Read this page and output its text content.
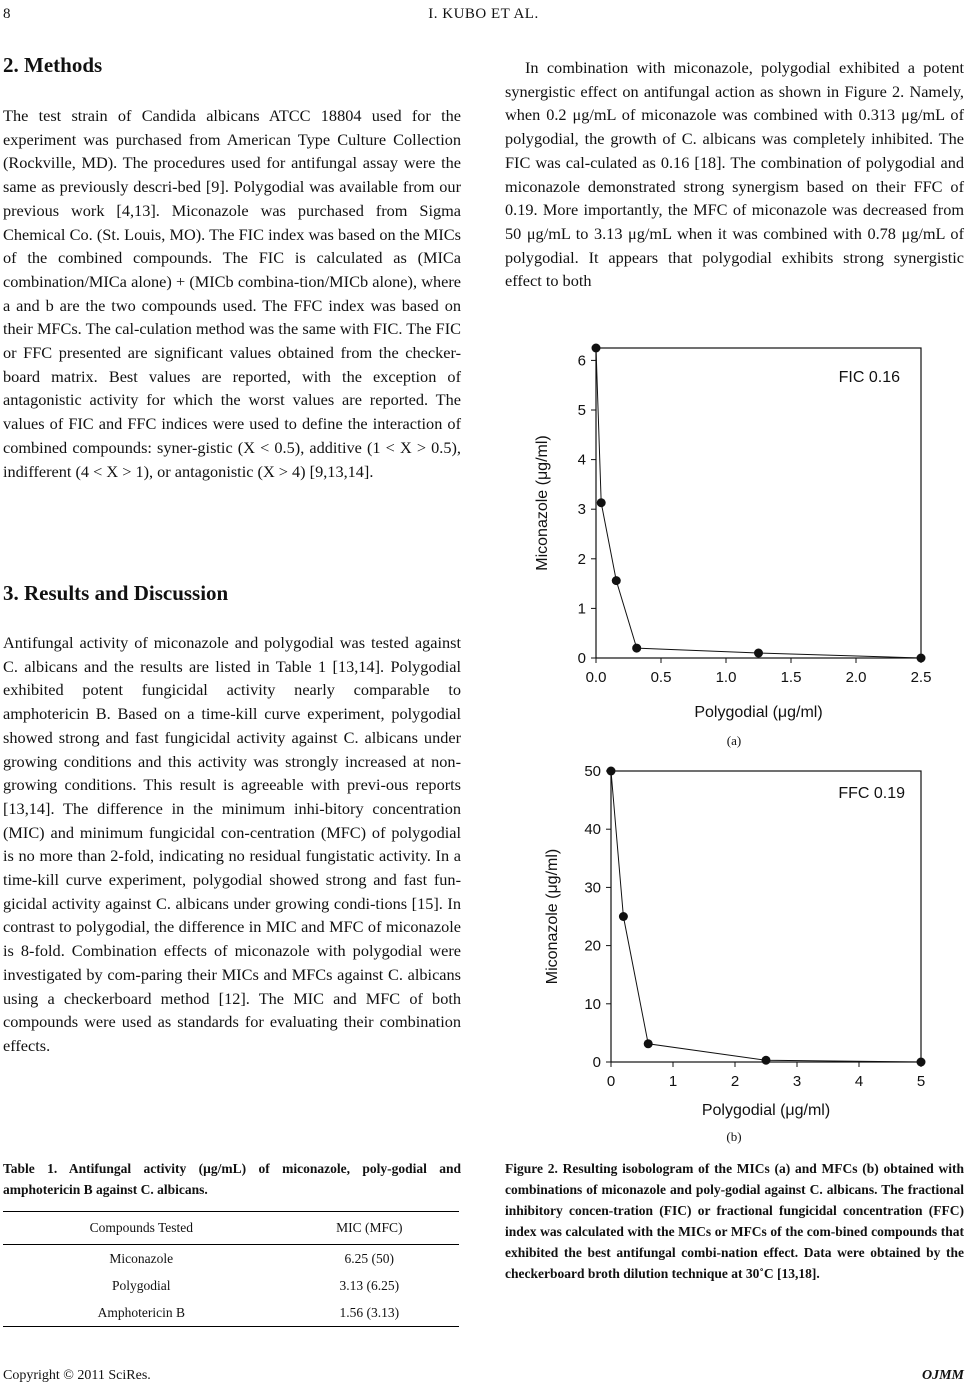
8	I. KUBO ET AL.
2. Methods

The test strain of Candida albicans ATCC 18804 used for the experiment was purchased from American Type Culture Collection (Rockville, MD). The procedures used for antifungal assay were the same as previously descri-bed [9]. Polygodial was available from our previous work [4,13]. Miconazole was purchased from Sigma Chemical Co. (St. Louis, MO). The FIC index was based on the MICs of the combined compounds. The FIC is calculated as (MICa combination/MICa alone) + (MICb combina-tion/MICb alone), where a and b are the two compounds used. The FFC index was based on their MFCs. The cal-culation method was the same with FIC. The FIC or FFC presented are significant values obtained from the checker-board matrix. Best values are reported, with the exception of antagonistic activity for which the worst values are reported. The values of FIC and FFC indices were used to define the interaction of combined compounds: syner-gistic (X < 0.5), additive (1 < X > 0.5), indifferent (4 < X > 1), or antagonistic (X > 4) [9,13,14].

3. Results and Discussion

Antifungal activity of miconazole and polygodial was tested against C. albicans and the results are listed in Table 1 [13,14]. Polygodial exhibited potent fungicidal activity nearly comparable to amphotericin B. Based on a time-kill curve experiment, polygodial showed strong and fast fungicidal activity against C. albicans under growing conditions and this activity was strongly increased at non-growing conditions. This result is agreeable with previ-ous reports [13,14]. The difference in the minimum inhi-bitory concentration (MIC) and minimum fungicidal con-centration (MFC) of polygodial is no more than 2-fold, indicating no residual fungistatic activity. In a time-kill curve experiment, polygodial showed strong and fast fun-gicidal activity against C. albicans under growing condi-tions [15]. In contrast to polygodial, the difference in MIC and MFC of miconazole is 8-fold. Combination effects of miconazole with polygodial were investigated by com-paring their MICs and MFCs against C. albicans using a checkerboard method [12]. The MIC and MFC of both compounds were used as standards for evaluating their combination effects.

Table 1. Antifungal activity (μg/mL) of miconazole, poly-godial and amphotericin B against C. albicans.

Compounds Tested	MIC (MFC)
Miconazole	6.25 (50)
Polygodial	3.13 (6.25)
Amphotericin B	1.56 (3.13)

In combination with miconazole, polygodial exhibited a potent synergistic effect on antifungal action as shown in Figure 2. Namely, when 0.2 μg/mL of miconazole was combined with 0.313 μg/mL of polygodial, the growth of C. albicans was completely inhibited. The FIC was cal-culated as 0.16 [18]. The combination of polygodial and miconazole demonstrated strong synergism based on their FFC of 0.19. More importantly, the MFC of miconazole was decreased from 50 μg/mL to 3.13 μg/mL when it was combined with 0.78 μg/mL of polygodial. It appears that polygodial exhibits strong synergistic effect to both

0.0	0.5	1.0	1.5	2.0	2.5
0
1
2
3
4
5
6
FIC 0.16
Polygodial (μg/ml)
Miconazole (μg/ml)
(a)
0	1	2	3	4	5
0
10
20
30
40
50
FFC 0.19
Polygodial (μg/ml)
Miconazole (μg/ml)
(b)

Figure 2. Resulting isobologram of the MICs (a) and MFCs (b) obtained with combinations of miconazole and poly-godial against C. albicans. The fractional inhibitory concen-tration (FIC) or fractional fungicidal concentration (FFC) index was calculated with the MICs or MFCs of the com-bined compounds that exhibited the best antifungal combi-nation effect. Data were obtained by the checkerboard broth dilution technique at 30˚C [13,18].

Copyright © 2011 SciRes.	OJMM
